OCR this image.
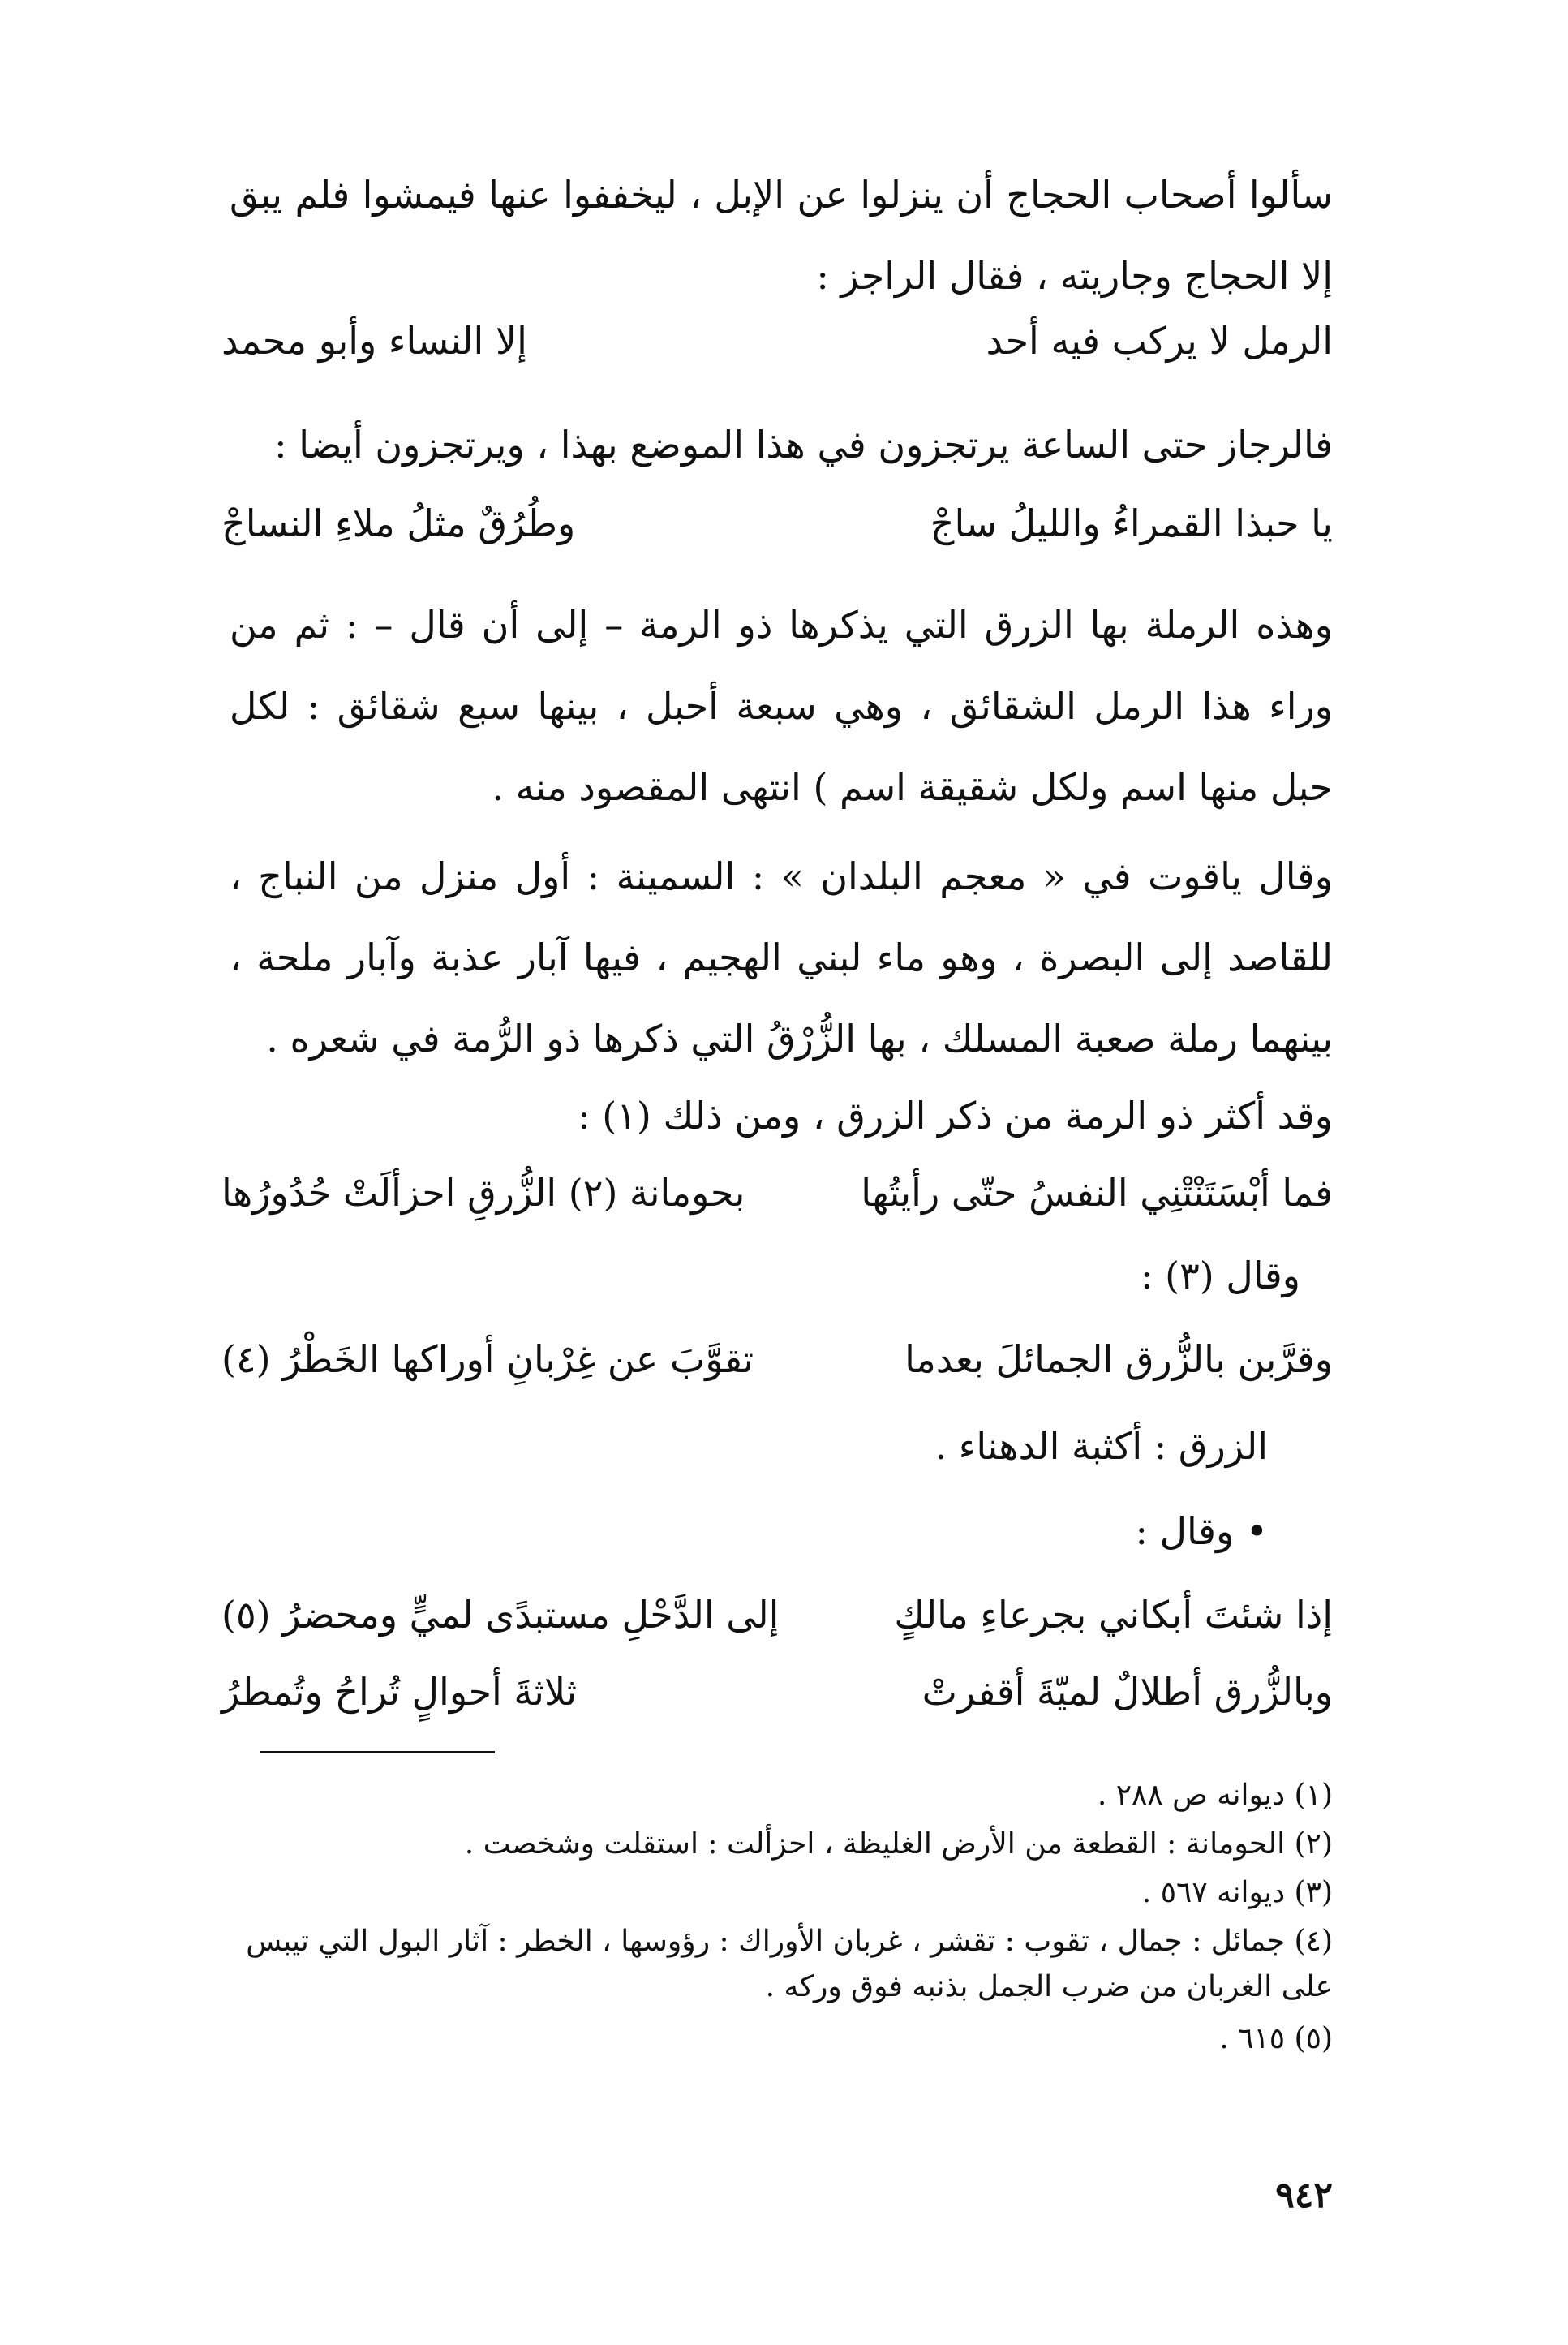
سألوا أصحاب الحجاج أن ينزلوا عن الإبل ، ليخففوا عنها فيمشوا فلم يبق إلا الحجاج وجاريته ، فقال الراجز :
الرمل لا يركب فيه أحد
إلا النساء وأبو محمد
فالرجاز حتى الساعة يرتجزون في هذا الموضع بهذا ، ويرتجزون أيضا :
يا حبذا القمراءُ والليلُ ساجْ
وطُرُقٌ مثلُ ملاءِ النساجْ
وهذه الرملة بها الزرق التي يذكرها ذو الرمة – إلى أن قال – : ثم من وراء هذا الرمل الشقائق ، وهي سبعة أحبل ، بينها سبع شقائق : لكل حبل منها اسم ولكل شقيقة اسم ) انتهى المقصود منه .
وقال ياقوت في « معجم البلدان » : السمينة : أول منزل من النباج ، للقاصد إلى البصرة ، وهو ماء لبني الهجيم ، فيها آبار عذبة وآبار ملحة ، بينهما رملة صعبة المسلك ، بها الزُّرْقُ التي ذكرها ذو الرُّمة في شعره .
وقد أكثر ذو الرمة من ذكر الزرق ، ومن ذلك (١) :
فما أبْسَتَنْتْنِي النفسُ حتّى رأيتُها
بحومانة (٢) الزُّرقِ احزألَتْ حُدُورُها
وقال (٣) :
وقرَّبن بالزُّرق الجمائلَ بعدما
تقوَّبَ عن غِرْبانِ أوراكها الخَطْرُ (٤)
الزرق : أكثبة الدهناء .
• وقال :
إذا شئتَ أبكاني بجرعاءِ مالكٍ
إلى الدَّحْلِ مستبدًى لميٍّ ومحضرُ (٥)
وبالزُّرق أطلالٌ لميّةَ أقفرتْ
ثلاثةَ أحوالٍ تُراحُ وتُمطرُ
(١) ديوانه ص ٢٨٨ .
(٢) الحومانة : القطعة من الأرض الغليظة ، احزألت : استقلت وشخصت .
(٣) ديوانه ٥٦٧ .
(٤) جمائل : جمال ، تقوب : تقشر ، غربان الأوراك : رؤوسها ، الخطر : آثار البول التي تيبس على الغربان من ضرب الجمل بذنبه فوق وركه .
(٥) ٦١٥ .
٩٤٢
